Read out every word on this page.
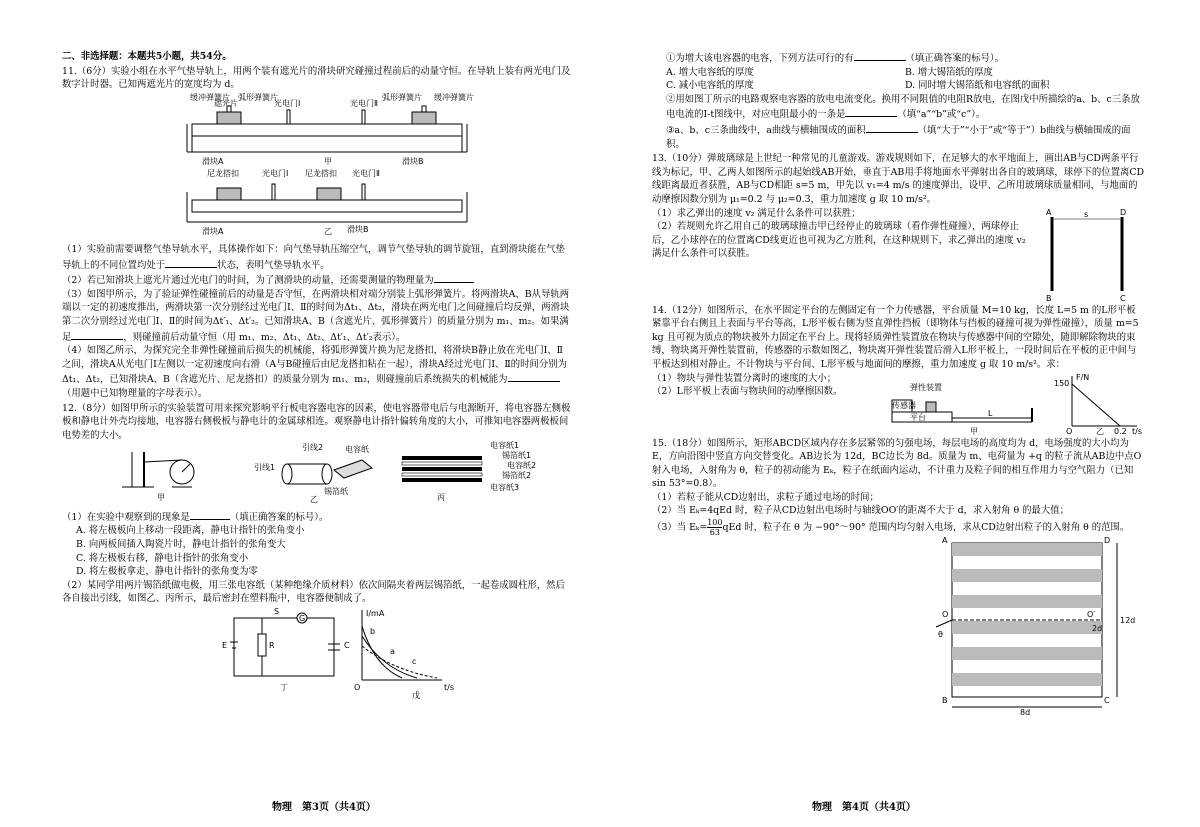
二、非选择题：本题共5小题，共54分。

11.（6分）实验小组在水平气垫导轨上，用两个装有遮光片的滑块研究碰撞过程前后的动量守恒。在导轨上装有两光电门及数字计时器。已知两遮光片的宽度均为 d。

缓冲弹簧片 弧形弹簧片
光电门Ⅰ	光电门Ⅱ
弧形弹簧片 缓冲弹簧片
遮光片
滑块A	滑块B
甲
尼龙搭扣	光电门Ⅰ 尼龙搭扣 光电门Ⅱ

滑块A	乙 滑块B

（1）实验前需要调整气垫导轨水平，具体操作如下：向气垫导轨压缩空气，调节气垫导轨的调节旋钮，直到滑块能在气垫导轨上的不同位置均处于	状态，表明气垫导轨水平。

（2）若已知滑块上遮光片通过光电门的时间，为了测滑块的动量，还需要测量的物理量为

（3）如图甲所示，为了验证弹性碰撞前后的动量是否守恒，在两滑块相对端分别装上弧形弹簧片。将两滑块A、B从导轨两端以一定的初速度推出，两滑块第一次分别经过光电门Ⅰ、Ⅱ的时间为Δt₁、Δt₂，滑块在两光电门之间碰撞后均反弹，两滑块第二次分别经过光电门Ⅰ、Ⅱ的时间为Δt′₁、Δt′₂。已知滑块A、B（含遮光片、弧形弹簧片）的质量分别为 m₁、m₂。如果满足	，则碰撞前后动量守恒（用 m₁、m₂、Δt₁、Δt₂、Δt′₁、Δt′₂表示）。

（4）如图乙所示，为探究完全非弹性碰撞前后损失的机械能，将弧形弹簧片换为尼龙搭扣，将滑块B静止放在光电门Ⅰ、Ⅱ之间，滑块A从光电门Ⅰ左侧以一定初速度向右滑（A与B碰撞后由尼龙搭扣粘在一起），滑块A经过光电门Ⅰ、Ⅱ的时间分别为Δt₁、Δt₂，已知滑块A、B（含遮光片、尼龙搭扣）的质量分别为 m₁、m₂，则碰撞前后系统损失的机械能为（用题中已知物理量的字母表示）。

12.（8分）如图甲所示的实验装置可用来探究影响平行板电容器电容的因素，使电容器带电后与电源断开，将电容器左侧极板和静电计外壳均接地，电容器右侧极板与静电计的金属球相连。观察静电计指针偏转角度的大小，可推知电容器两极板间电势差的大小。

甲
引线2	电容纸
引线1
锡箔纸
乙
电容纸1
锡箔纸1
电容纸2
锡箔纸2
电容纸3
丙

（1）在实验中观察到的现象是	（填正确答案的标号）。

A. 将左极板向上移动一段距离，静电计指针的张角变小

B. 向两板间插入陶瓷片时，静电计指针的张角变大

C. 将左极板右移，静电计指针的张角变小

D. 将左极板拿走，静电计指针的张角变为零

（2）某同学用两片锡箔纸做电极，用三张电容纸（某种绝缘介质材料）依次间隔夹着两层锡箔纸，一起卷成圆柱形，然后各自接出引线，如图乙、丙所示，最后密封在塑料瓶中，电容器便制成了。

S
G
E	R	C
丁
I/mA
t/s
O
a
b
c
戊
物理　第3页（共4页）

①为增大该电容器的电容，下列方法可行的有	（填正确答案的标号）。

A. 增大电容纸的厚度	B. 增大锡箔纸的厚度
C. 减小电容纸的厚度	D. 同时增大锡箔纸和电容纸的面积

②用如图丁所示的电路观察电容器的放电电流变化。换用不同阻值的电阻R放电，在图戊中所描绘的a、b、c三条放电电流的I-t图线中，对应电阻最小的一条是	（填“a”“b”或“c”）。

③a、b、c三条曲线中，a曲线与横轴围成的面积	（填“大于”“小于”或“等于”）b曲线与横轴围成的面积。

13.（10分）弹玻璃球是上世纪一种常见的儿童游戏。游戏规则如下，在足够大的水平地面上，画出AB与CD两条平行线为标记，甲、乙两人如图所示的起始线AB开始，垂直于AB用手将地面水平弹射出各自的玻璃球，球停下的位置离CD线距离最近者获胜，AB与CD相距 s=5 m，甲先以 v₁=4 m/s 的速度弹出，设甲、乙所用玻璃球质量相同，与地面的动摩擦因数分别为 μ₁=0.2 与 μ₂=0.3，重力加速度 g 取 10 m/s²。

（1）求乙弹出的速度 v₂ 满足什么条件可以获胜；

（2）若规则允许乙用自己的玻璃球撞击甲已经停止的玻璃球（看作弹性碰撞），两球停止后，乙小球停在的位置离CD线更近也可视为乙方胜利，在这种规则下，求乙弹出的速度 v₂ 满足什么条件可以获胜。

A	D
B	C
s

14.（12分）如图所示，在水平固定平台的左侧固定有一个力传感器，平台质量 M=10 kg，长度 L=5 m 的L形平板紧靠平台右侧且上表面与平台等高，L形平板右侧为竖直弹性挡板（即物体与挡板的碰撞可视为弹性碰撞），质量 m=5 kg 且可视为质点的物块被外力固定在平台上。现将轻质弹性装置放在物块与传感器中间的空隙处，随即解除物块的束缚，物块离开弹性装置前，传感器的示数如图乙，物块离开弹性装置后滑入L形平板上，一段时间后在平板的正中间与平板达到相对静止。不计物块与平台间、L形平板与地面间的摩擦，重力加速度 g 取 10 m/s²。求：

（1）物块与弹性装置分离时的速度的大小；

（2）L形平板上表面与物块间的动摩擦因数。

传感器
弹性装置
平台	L
甲
F/N
150
t/s
0.2
O	乙

15.（18分）如图所示，矩形ABCD区域内存在多层紧邻的匀强电场，每层电场的高度均为 d，电场强度的大小均为 E，方向沿图中竖直方向交替变化。AB边长为 12d，BC边长为 8d。质量为 m、电荷量为 +q 的粒子流从AB边中点O射入电场，入射角为 θ，粒子的初动能为 Eₖ，粒子在纸面内运动，不计重力及粒子间的相互作用力与空气阻力（已知 sin 53°=0.8）。

（1）若粒子能从CD边射出，求粒子通过电场的时间；

（2）当 Eₖ=4qEd 时，粒子从CD边射出电场时与轴线OO′的距离不大于 d，求入射角 θ 的最大值；

（3）当 $E_k= \frac{100}{63}$ qEd 时，粒子在 θ 为 −90°～90° 范围内均匀射入电场，求从CD边射出粒子的入射角 θ 的范围。

A	D
B	C
O	O′
θ
2d
12d
8d
物理　第4页（共4页）
